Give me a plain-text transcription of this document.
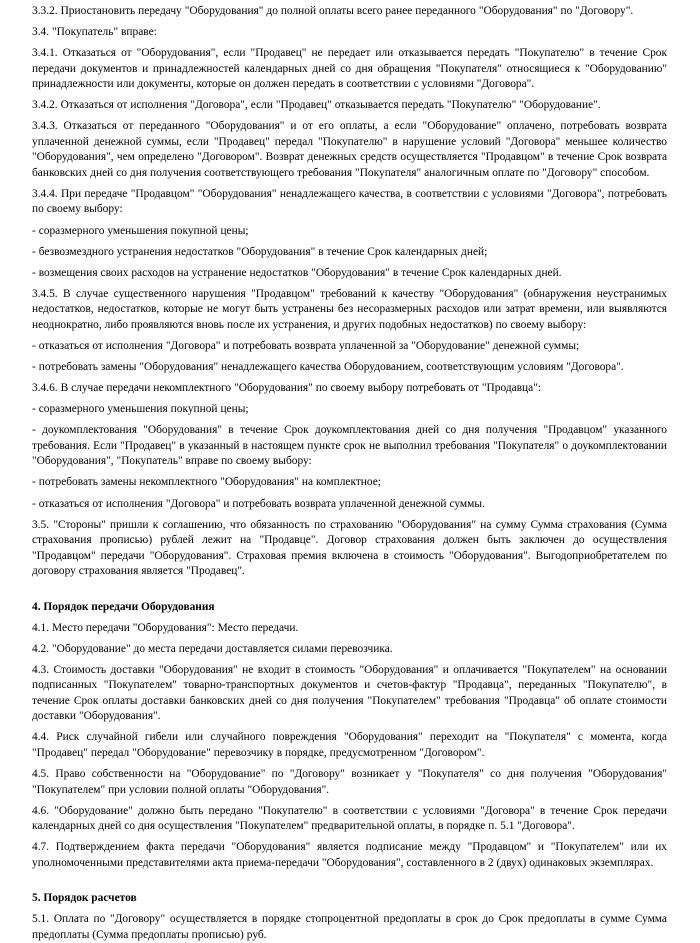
3.3.2. Приостановить передачу "Оборудования" до полной оплаты всего ранее переданного "Оборудования" по "Договору".

3.4. "Покупатель" вправе:

3.4.1. Отказаться от "Оборудования", если "Продавец" не передает или отказывается передать "Покупателю" в течение Срок передачи документов и принадлежностей календарных дней со дня обращения "Покупателя" относящиеся к "Оборудованию" принадлежности или документы, которые он должен передать в соответствии с условиями "Договора".

3.4.2. Отказаться от исполнения "Договора", если "Продавец" отказывается передать "Покупателю" "Оборудование".

3.4.3. Отказаться от переданного "Оборудования" и от его оплаты, а если "Оборудование" оплачено, потребовать возврата уплаченной денежной суммы, если "Продавец" передал "Покупателю" в нарушение условий "Договора" меньшее количество "Оборудования", чем определено "Договором". Возврат денежных средств осуществляется "Продавцом" в течение Срок возврата банковских дней со дня получения соответствующего требования "Покупателя" аналогичным оплате по "Договору" способом.

3.4.4. При передаче "Продавцом" "Оборудования" ненадлежащего качества, в соответствии с условиями "Договора", потребовать по своему выбору:

- соразмерного уменьшения покупной цены;

- безвозмездного устранения недостатков "Оборудования" в течение Срок календарных дней;

- возмещения своих расходов на устранение недостатков "Оборудования" в течение Срок календарных дней.

3.4.5. В случае существенного нарушения "Продавцом" требований к качеству "Оборудования" (обнаружения неустранимых недостатков, недостатков, которые не могут быть устранены без несоразмерных расходов или затрат времени, или выявляются неоднократно, либо проявляются вновь после их устранения, и других подобных недостатков) по своему выбору:

- отказаться от исполнения "Договора" и потребовать возврата уплаченной за "Оборудование" денежной суммы;

- потребовать замены "Оборудования" ненадлежащего качества Оборудованием, соответствующим условиям "Договора".

3.4.6. В случае передачи некомплектного "Оборудования" по своему выбору потребовать от "Продавца":

- соразмерного уменьшения покупной цены;

- доукомплектования "Оборудования" в течение Срок доукомплектования дней со дня получения "Продавцом" указанного требования. Если "Продавец" в указанный в настоящем пункте срок не выполнил требования "Покупателя" о доукомплектовании "Оборудования", "Покупатель" вправе по своему выбору:

- потребовать замены некомплектного "Оборудования" на комплектное;

- отказаться от исполнения "Договора" и потребовать возврата уплаченной денежной суммы.

3.5. "Стороны" пришли к соглашению, что обязанность по страхованию "Оборудования" на сумму Сумма страхования (Сумма страхования прописью) рублей лежит на "Продавце". Договор страхования должен быть заключен до осуществления "Продавцом" передачи "Оборудования". Страховая премия включена в стоимость "Оборудования". Выгодоприобретателем по договору страхования является "Продавец".

4. Порядок передачи Оборудования

4.1. Место передачи "Оборудования": Место передачи.

4.2. "Оборудование" до места передачи доставляется силами перевозчика.

4.3. Стоимость доставки "Оборудования" не входит в стоимость "Оборудования" и оплачивается "Покупателем" на основании подписанных "Покупателем" товарно-транспортных документов и счетов-фактур "Продавца", переданных "Покупателю", в течение Срок оплаты доставки банковских дней со дня получения "Покупателем" требования "Продавца" об оплате стоимости доставки "Оборудования".

4.4. Риск случайной гибели или случайного повреждения "Оборудования" переходит на "Покупателя" с момента, когда "Продавец" передал "Оборудование" перевозчику в порядке, предусмотренном "Договором".

4.5. Право собственности на "Оборудование" по "Договору" возникает у "Покупателя" со дня получения "Оборудования" "Покупателем" при условии полной оплаты "Оборудования".

4.6. "Оборудование" должно быть передано "Покупателю" в соответствии с условиями "Договора" в течение Срок передачи календарных дней со дня осуществления "Покупателем" предварительной оплаты, в порядке п. 5.1 "Договора".

4.7. Подтверждением факта передачи "Оборудования" является подписание между "Продавцом" и "Покупателем" или их уполномоченными представителями акта приема-передачи "Оборудования", составленного в 2 (двух) одинаковых экземплярах.

5. Порядок расчетов

5.1. Оплата по "Договору" осуществляется в порядке стопроцентной предоплаты в срок до Срок предоплаты в сумме Сумма предоплаты (Сумма предоплаты прописью) руб.
